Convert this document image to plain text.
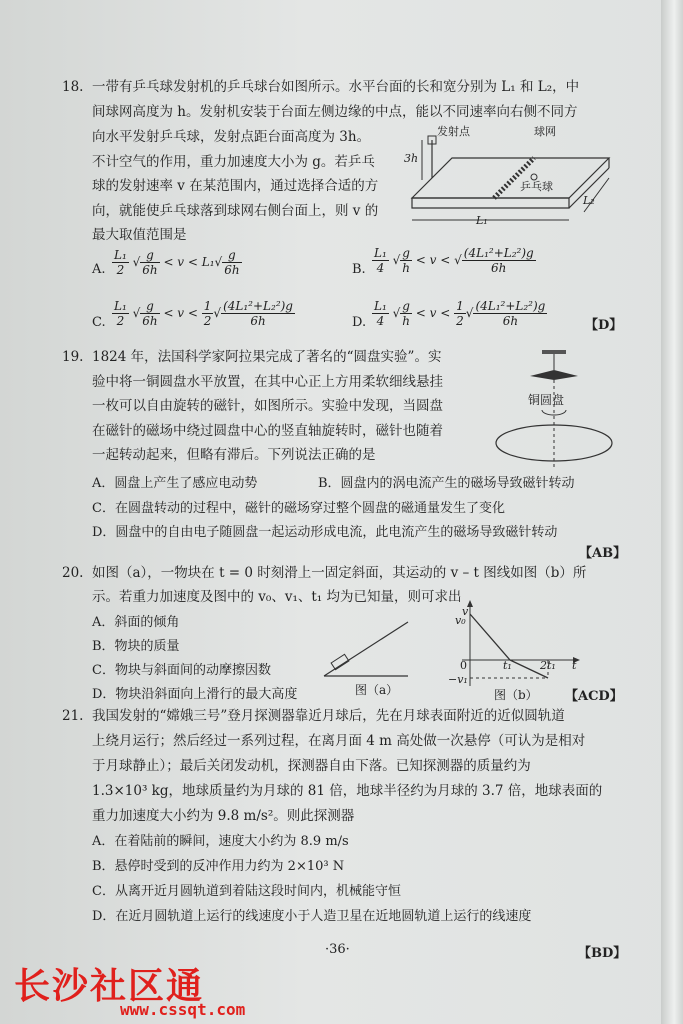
18. 一带有乒乓球发射机的乒乓球台如图所示。水平台面的长和宽分别为 L₁ 和 L₂，中
间球网高度为 h。发射机安装于台面左侧边缘的中点，能以不同速率向右侧不同方
向水平发射乒乓球，发射点距台面高度为 3h。
不计空气的作用，重力加速度大小为 g。若乒乓
球的发射速率 v 在某范围内，通过选择合适的方
向，就能使乒乓球落到球网右侧台面上，则 v 的
最大取值范围是
发射点	球网
乒乓球
3h
L₁
L₂
A. $\frac{\text{L₁}}{2}$ √ $\frac{g}{6h} < v < L_1√ \frac{g}{6h}$	B. $\frac{\text{L₁}}{4}$ √ $\frac{g}{h} < v$ < √ $\frac{\text{(4L₁²+L₂²)g}}{6h}$
C. $\frac{\text{L₁}}{2}$ √ $\frac{g}{6h} < v < \frac{1}{2}$ √ $\frac{\text{(4L₁²+L₂²)g}}{6h}$	D. $\frac{\text{L₁}}{4}$ √ $\frac{g}{h} < v < \frac{1}{2}$ √ $\frac{\text{(4L₁²+L₂²)g}}{6h}$	【D】
19. 1824 年，法国科学家阿拉果完成了著名的“圆盘实验”。实
验中将一铜圆盘水平放置，在其中心正上方用柔软细线悬挂
一枚可以自由旋转的磁针，如图所示。实验中发现，当圆盘
在磁针的磁场中绕过圆盘中心的竖直轴旋转时，磁针也随着
一起转动起来，但略有滞后。下列说法正确的是
铜圆盘
A．圆盘上产生了感应电动势	B．圆盘内的涡电流产生的磁场导致磁针转动
C．在圆盘转动的过程中，磁针的磁场穿过整个圆盘的磁通量发生了变化
D．圆盘中的自由电子随圆盘一起运动形成电流，此电流产生的磁场导致磁针转动
【AB】
20. 如图（a），一物块在 t = 0 时刻滑上一固定斜面，其运动的 v – t 图线如图（b）所
示。若重力加速度及图中的 v₀、v₁、t₁ 均为已知量，则可求出
A．斜面的倾角
B．物块的质量
C．物块与斜面间的动摩擦因数
D．物块沿斜面向上滑行的最大高度	图（a）
v
v₀
0	t₁	2t₁ t
−v₁
图（b） 【ACD】
21. 我国发射的“嫦娥三号”登月探测器靠近月球后，先在月球表面附近的近似圆轨道
上绕月运行；然后经过一系列过程，在离月面 4 m 高处做一次悬停（可认为是相对
于月球静止）；最后关闭发动机，探测器自由下落。已知探测器的质量约为
1.3×10³ kg，地球质量约为月球的 81 倍，地球半径约为月球的 3.7 倍，地球表面的
重力加速度大小约为 9.8 m/s²。则此探测器
A．在着陆前的瞬间，速度大小约为 8.9 m/s
B．悬停时受到的反冲作用力约为 2×10³ N
C．从离开近月圆轨道到着陆这段时间内，机械能守恒
D．在近月圆轨道上运行的线速度小于人造卫星在近地圆轨道上运行的线速度
·36·	【BD】
长沙社区通
www.cssqt.com
